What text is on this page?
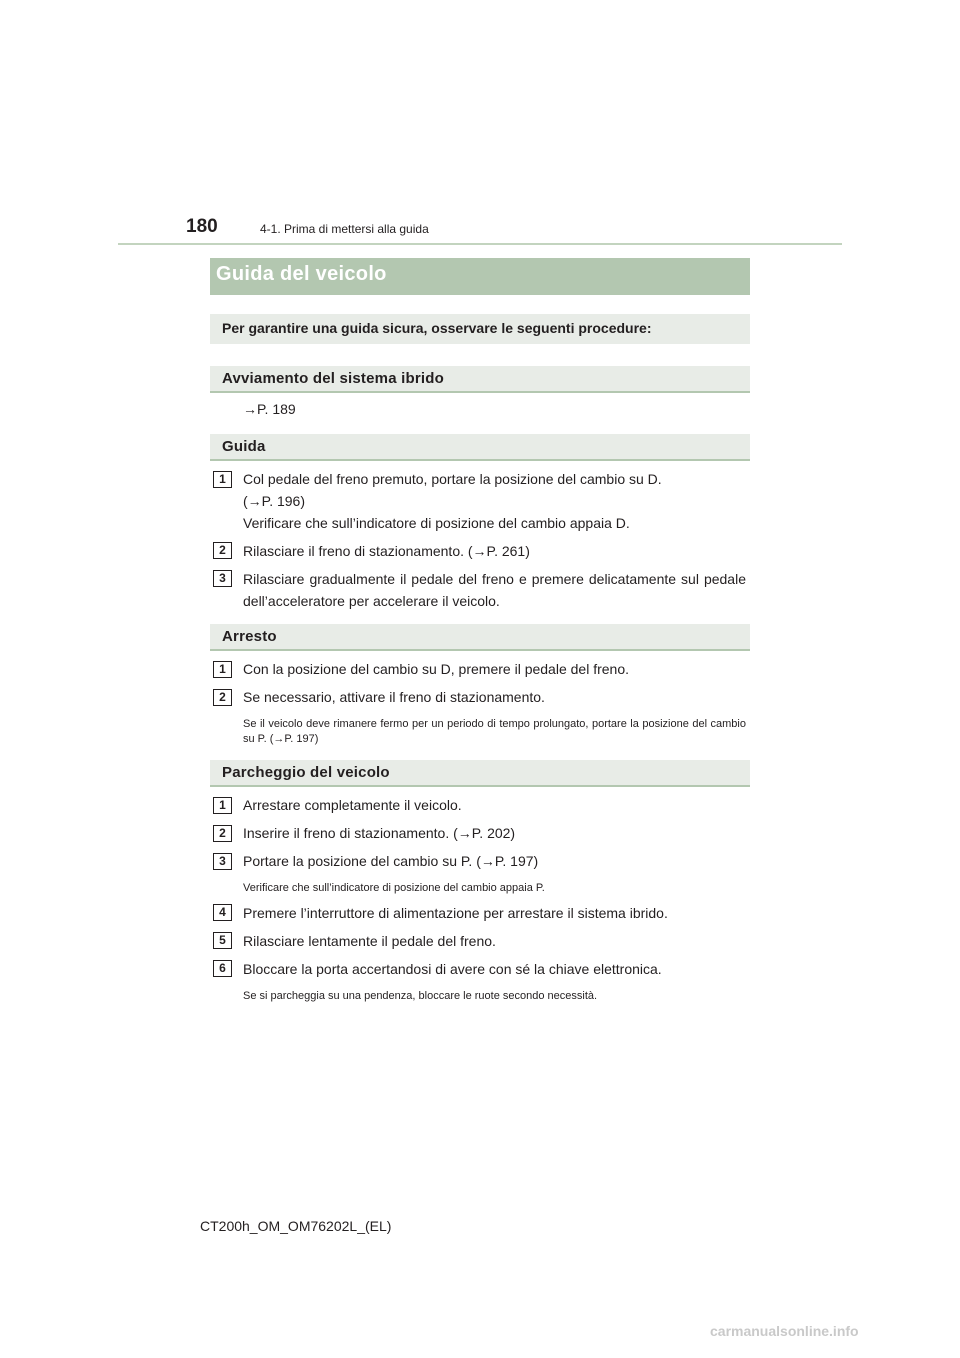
180	4-1. Prima di mettersi alla guida
Guida del veicolo
Per garantire una guida sicura, osservare le seguenti procedure:
Avviamento del sistema ibrido
→P. 189
Guida
1	Col pedale del freno premuto, portare la posizione del cambio su D.
(→P. 196)
Verificare che sull’indicatore di posizione del cambio appaia D.
2	Rilasciare il freno di stazionamento. (→P. 261)
3	Rilasciare gradualmente il pedale del freno e premere delicatamente sul pedale dell’acceleratore per accelerare il veicolo.
Arresto
1	Con la posizione del cambio su D, premere il pedale del freno.
2	Se necessario, attivare il freno di stazionamento.
Se il veicolo deve rimanere fermo per un periodo di tempo prolungato, portare la posizione del cambio su P. (→P. 197)
Parcheggio del veicolo
1	Arrestare completamente il veicolo.
2	Inserire il freno di stazionamento. (→P. 202)
3	Portare la posizione del cambio su P. (→P. 197)
Verificare che sull’indicatore di posizione del cambio appaia P.
4	Premere l’interruttore di alimentazione per arrestare il sistema ibrido.
5	Rilasciare lentamente il pedale del freno.
6	Bloccare la porta accertandosi di avere con sé la chiave elettronica.
Se si parcheggia su una pendenza, bloccare le ruote secondo necessità.
CT200h_OM_OM76202L_(EL)
carmanualsonline.info
